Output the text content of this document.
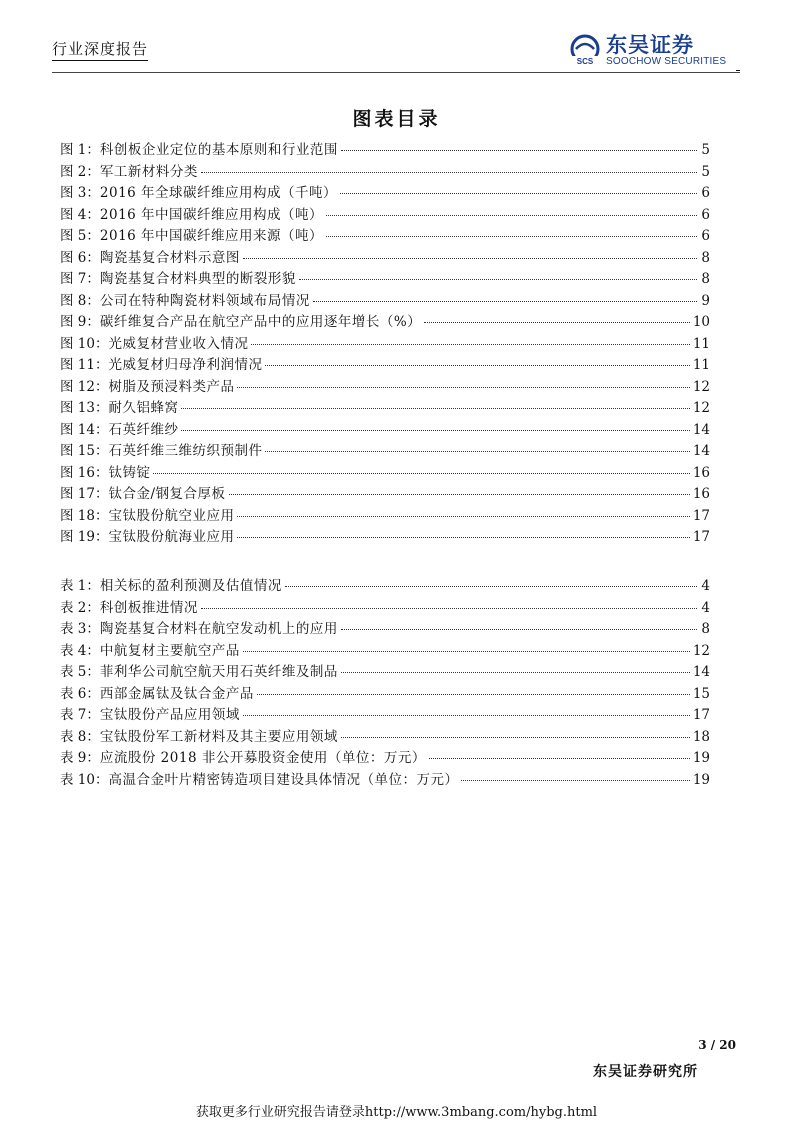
行业深度报告
SCS
东吴证券
SOOCHOW SECURITIES
图表目录
图 1： 科创板企业定位的基本原则和行业范围	5
图 2： 军工新材料分类	5
图 3： 2016 年全球碳纤维应用构成（千吨）	6
图 4： 2016 年中国碳纤维应用构成（吨）	6
图 5： 2016 年中国碳纤维应用来源（吨）	6
图 6： 陶瓷基复合材料示意图	8
图 7： 陶瓷基复合材料典型的断裂形貌	8
图 8： 公司在特种陶瓷材料领域布局情况	9
图 9： 碳纤维复合产品在航空产品中的应用逐年增长（%）	10
图 10： 光威复材营业收入情况	11
图 11： 光威复材归母净利润情况	11
图 12： 树脂及预浸料类产品	12
图 13： 耐久铝蜂窝	12
图 14： 石英纤维纱	14
图 15： 石英纤维三维纺织预制件	14
图 16： 钛铸锭	16
图 17： 钛合金/钢复合厚板	16
图 18： 宝钛股份航空业应用	17
图 19： 宝钛股份航海业应用	17
表 1： 相关标的盈利预测及估值情况	4
表 2： 科创板推进情况	4
表 3： 陶瓷基复合材料在航空发动机上的应用	8
表 4： 中航复材主要航空产品	12
表 5： 菲利华公司航空航天用石英纤维及制品	14
表 6： 西部金属钛及钛合金产品	15
表 7： 宝钛股份产品应用领域	17
表 8： 宝钛股份军工新材料及其主要应用领域	18
表 9： 应流股份 2018 非公开募股资金使用（单位：万元）	19
表 10： 高温合金叶片精密铸造项目建设具体情况（单位：万元）	19
3 / 20
东吴证券研究所
获取更多行业研究报告请登录http://www.3mbang.com/hybg.html
